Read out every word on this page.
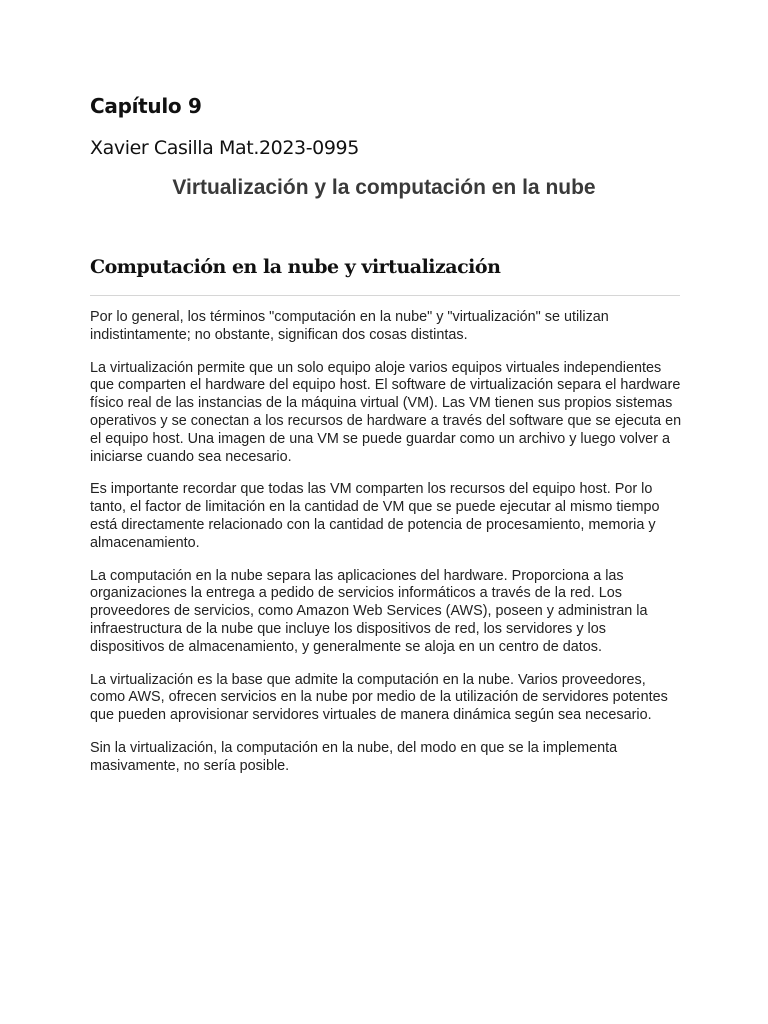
Capítulo 9

Xavier Casilla Mat.2023-0995

Virtualización y la computación en la nube
Computación en la nube y virtualización

Por lo general, los términos "computación en la nube" y "virtualización" se utilizan indistintamente; no obstante, significan dos cosas distintas.

La virtualización permite que un solo equipo aloje varios equipos virtuales independientes que comparten el hardware del equipo host. El software de virtualización separa el hardware físico real de las instancias de la máquina virtual (VM). Las VM tienen sus propios sistemas operativos y se conectan a los recursos de hardware a través del software que se ejecuta en el equipo host. Una imagen de una VM se puede guardar como un archivo y luego volver a iniciarse cuando sea necesario.

Es importante recordar que todas las VM comparten los recursos del equipo host. Por lo tanto, el factor de limitación en la cantidad de VM que se puede ejecutar al mismo tiempo está directamente relacionado con la cantidad de potencia de procesamiento, memoria y almacenamiento.

La computación en la nube separa las aplicaciones del hardware. Proporciona a las organizaciones la entrega a pedido de servicios informáticos a través de la red. Los proveedores de servicios, como Amazon Web Services (AWS), poseen y administran la infraestructura de la nube que incluye los dispositivos de red, los servidores y los dispositivos de almacenamiento, y generalmente se aloja en un centro de datos.

La virtualización es la base que admite la computación en la nube. Varios proveedores, como AWS, ofrecen servicios en la nube por medio de la utilización de servidores potentes que pueden aprovisionar servidores virtuales de manera dinámica según sea necesario.

Sin la virtualización, la computación en la nube, del modo en que se la implementa masivamente, no sería posible.
